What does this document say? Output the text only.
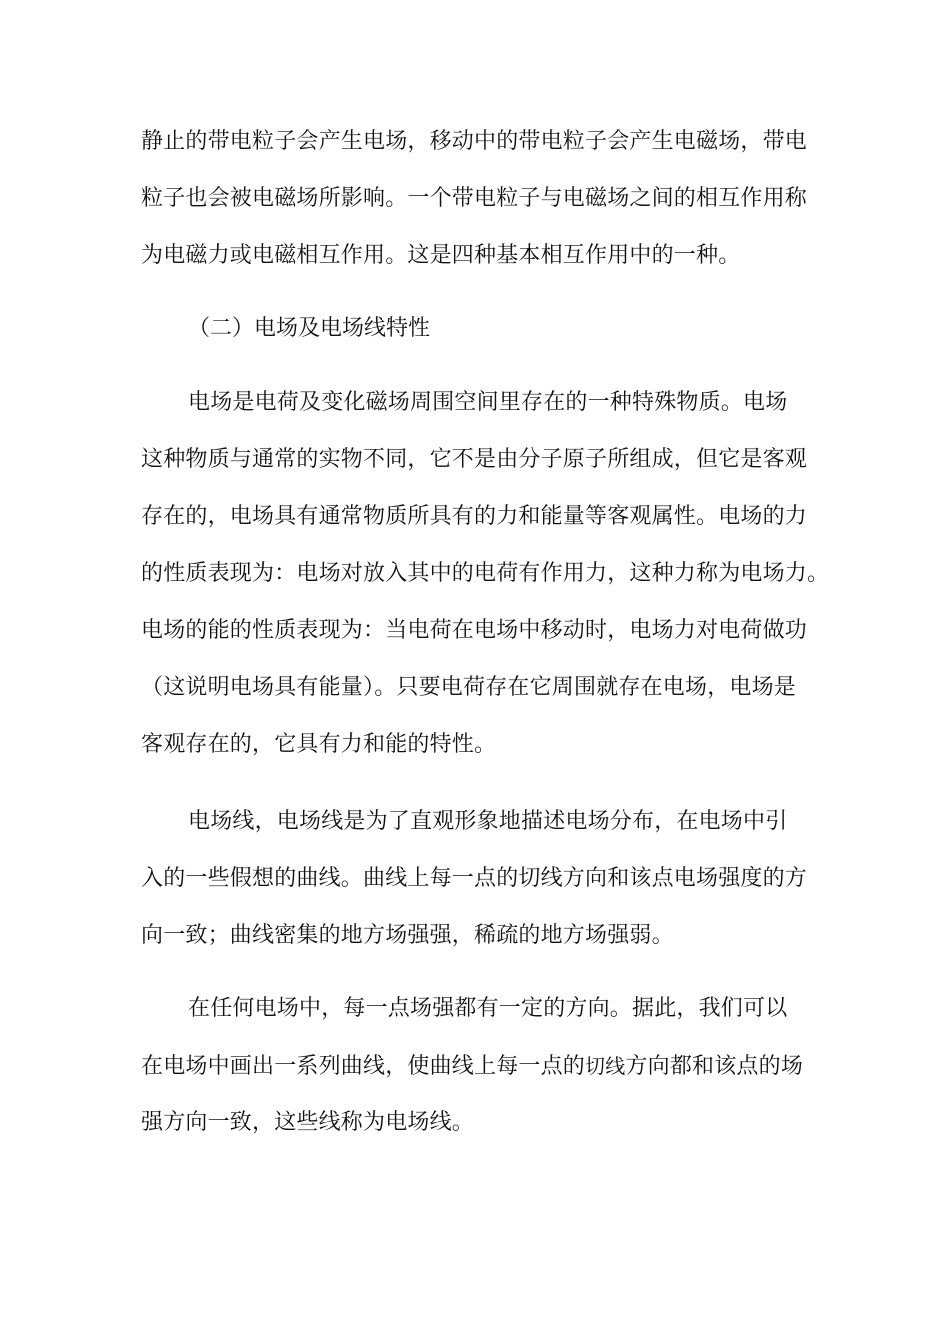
静止的带电粒子会产生电场，移动中的带电粒子会产生电磁场，带电
粒子也会被电磁场所影响。一个带电粒子与电磁场之间的相互作用称
为电磁力或电磁相互作用。这是四种基本相互作用中的一种。
（二）电场及电场线特性
电场是电荷及变化磁场周围空间里存在的一种特殊物质。电场
这种物质与通常的实物不同，它不是由分子原子所组成，但它是客观
存在的，电场具有通常物质所具有的力和能量等客观属性。电场的力
的性质表现为：电场对放入其中的电荷有作用力，这种力称为电场力。
电场的能的性质表现为：当电荷在电场中移动时，电场力对电荷做功
（这说明电场具有能量）。只要电荷存在它周围就存在电场，电场是
客观存在的，它具有力和能的特性。
电场线，电场线是为了直观形象地描述电场分布，在电场中引
入的一些假想的曲线。曲线上每一点的切线方向和该点电场强度的方
向一致；曲线密集的地方场强强，稀疏的地方场强弱。
在任何电场中，每一点场强都有一定的方向。据此，我们可以
在电场中画出一系列曲线，使曲线上每一点的切线方向都和该点的场
强方向一致，这些线称为电场线。
